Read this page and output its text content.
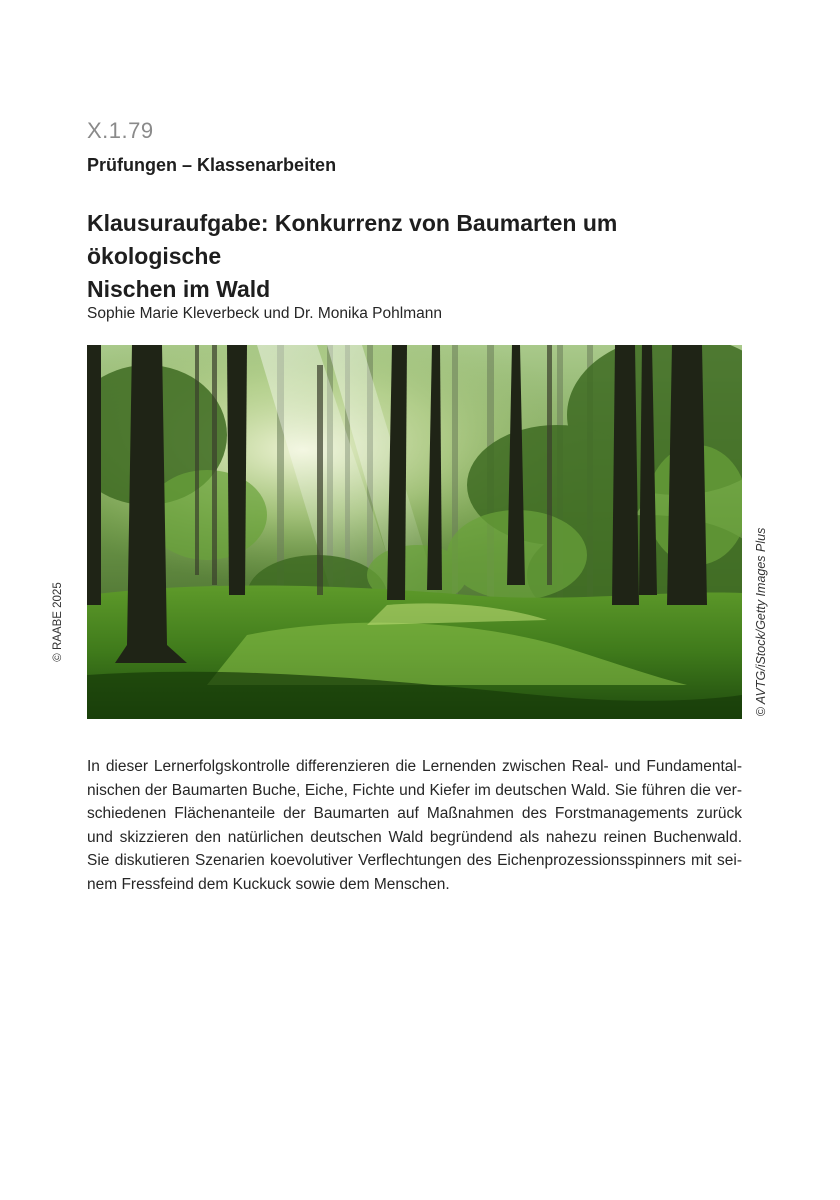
X.1.79
Prüfungen – Klassenarbeiten
Klausuraufgabe: Konkurrenz von Baumarten um ökologische
Nischen im Wald
Sophie Marie Kleverbeck und Dr. Monika Pohlmann
© RAABE 2025	© AVTG/iStock/Getty Images Plus
In dieser Lernerfolgskontrolle differenzieren die Lernenden zwischen Real- und Fundamental-
nischen der Baumarten Buche, Eiche, Fichte und Kiefer im deutschen Wald. Sie führen die ver-
schiedenen Flächenanteile der Baumarten auf Maßnahmen des Forstmanagements zurück
und skizzieren den natürlichen deutschen Wald begründend als nahezu reinen Buchenwald.
Sie diskutieren Szenarien koevolutiver Verflechtungen des Eichenprozessionsspinners mit sei-
nem Fressfeind dem Kuckuck sowie dem Menschen.
